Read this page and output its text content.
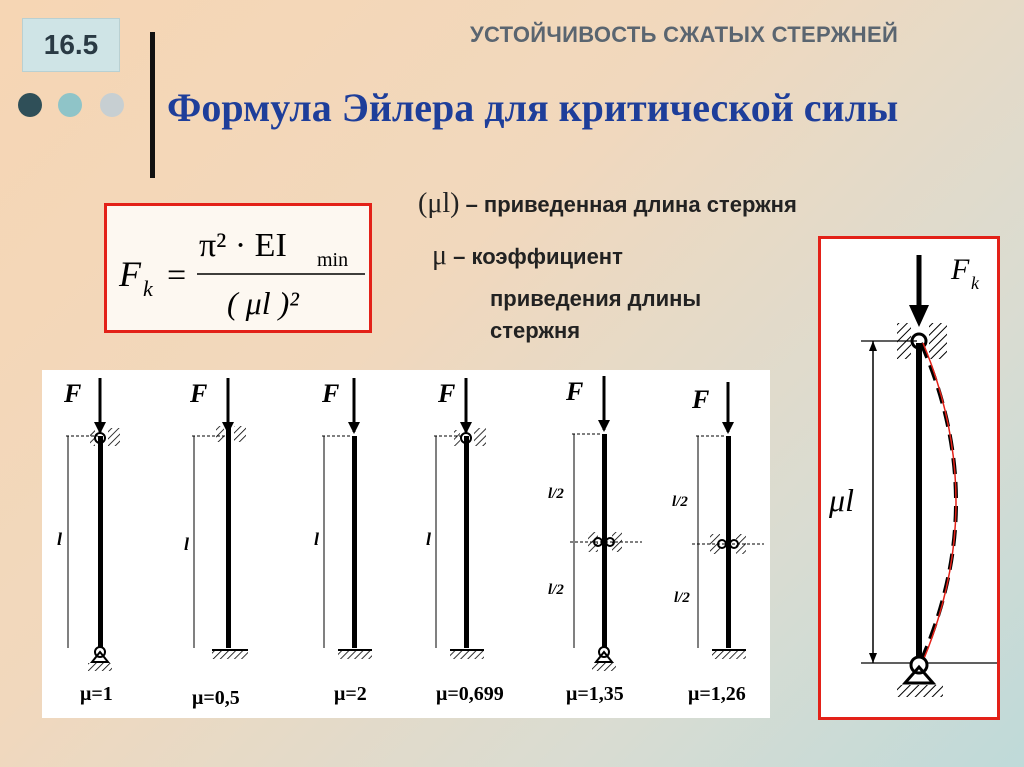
16.5	УСТОЙЧИВОСТЬ СЖАТЫХ СТЕРЖНЕЙ
Формула Эйлера для критической силы
F k =
π² · EI min
( μl )²
(μl) – приведенная длина стержня
μ – коэффициент
приведения длины
стержня
F
l
μ=1
F
l
μ=0,5
F
l
μ=2
F
l
μ=0,699
F
l/2
l/2
μ=1,35
F
l/2
l/2
μ=1,26
F k
μl
